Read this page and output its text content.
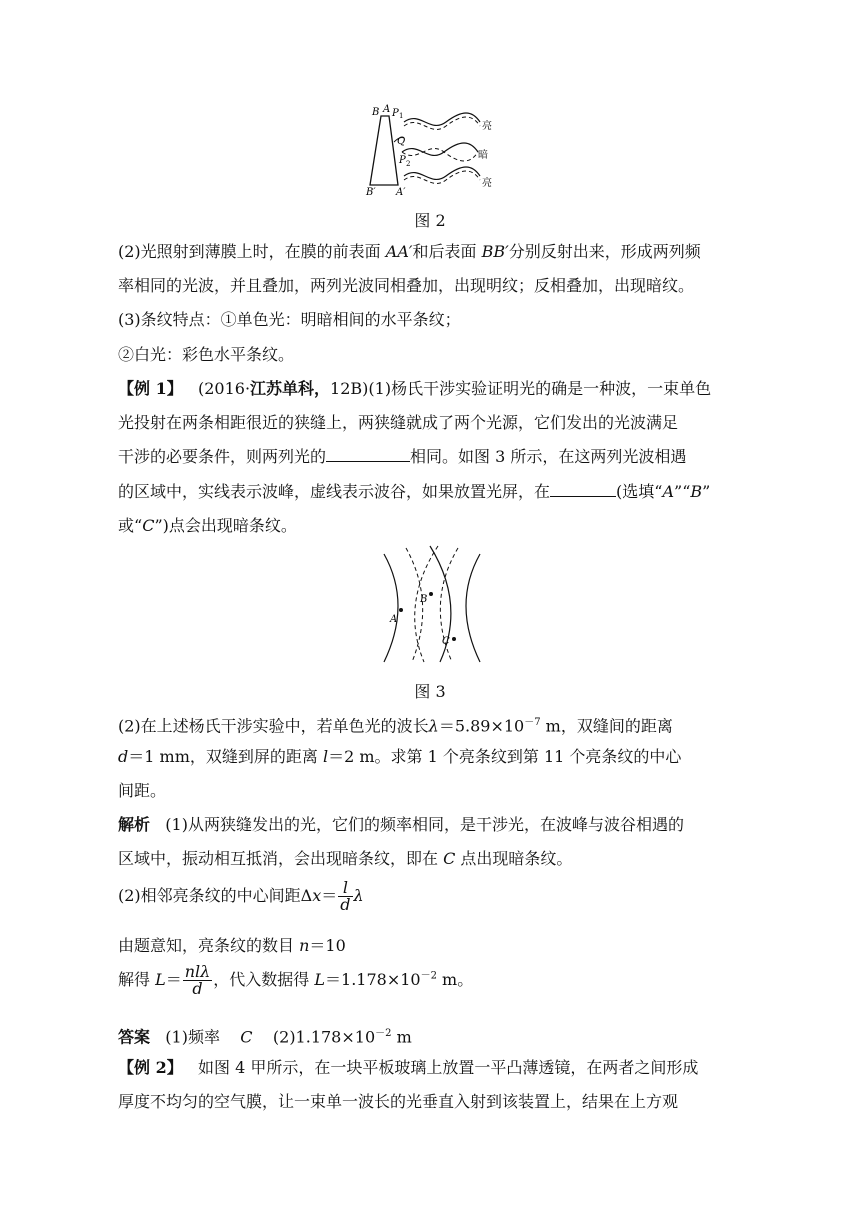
B A P 1
Q
P 2
B′ A′
亮
暗
亮
图 2
(2)光照射到薄膜上时，在膜的前表面 AA′和后表面 BB′分别反射出来，形成两列频
率相同的光波，并且叠加，两列光波同相叠加，出现明纹；反相叠加，出现暗纹。
(3)条纹特点：①单色光：明暗相间的水平条纹；
②白光：彩色水平条纹。
【例 1】 (2016·江苏单科，12B)(1)杨氏干涉实验证明光的确是一种波，一束单色
光投射在两条相距很近的狭缝上，两狭缝就成了两个光源，它们发出的光波满足
干涉的必要条件，则两列光的	相同。如图 3 所示，在这两列光波相遇
的区域中，实线表示波峰，虚线表示波谷，如果放置光屏，在	(选填“A”“B”
或“C”)点会出现暗条纹。
A
B
C
图 3
(2)在上述杨氏干涉实验中，若单色光的波长$\lambda=5.89\times 10^{-7}$ m，双缝间的距离
d＝1 mm，双缝到屏的距离 l＝2 m。求第 1 个亮条纹到第 11 个亮条纹的中心
间距。
解析 (1)从两狭缝发出的光，它们的频率相同，是干涉光，在波峰与波谷相遇的
区域中，振动相互抵消，会出现暗条纹，即在 C 点出现暗条纹。
(2)相邻亮条纹的中心间距$\Delta x= \frac{l}{d}$ λ
由题意知，亮条纹的数目 n＝10
解得 $L= \frac{\text{nlλ}}{d}$ ，代入数据得 $L=1.178\times 10^{-2}$ m。
答案 (1)频率 C $(2)1.178\times 10^{-2}$ m
【例 2】 如图 4 甲所示，在一块平板玻璃上放置一平凸薄透镜，在两者之间形成
厚度不均匀的空气膜，让一束单一波长的光垂直入射到该装置上，结果在上方观
